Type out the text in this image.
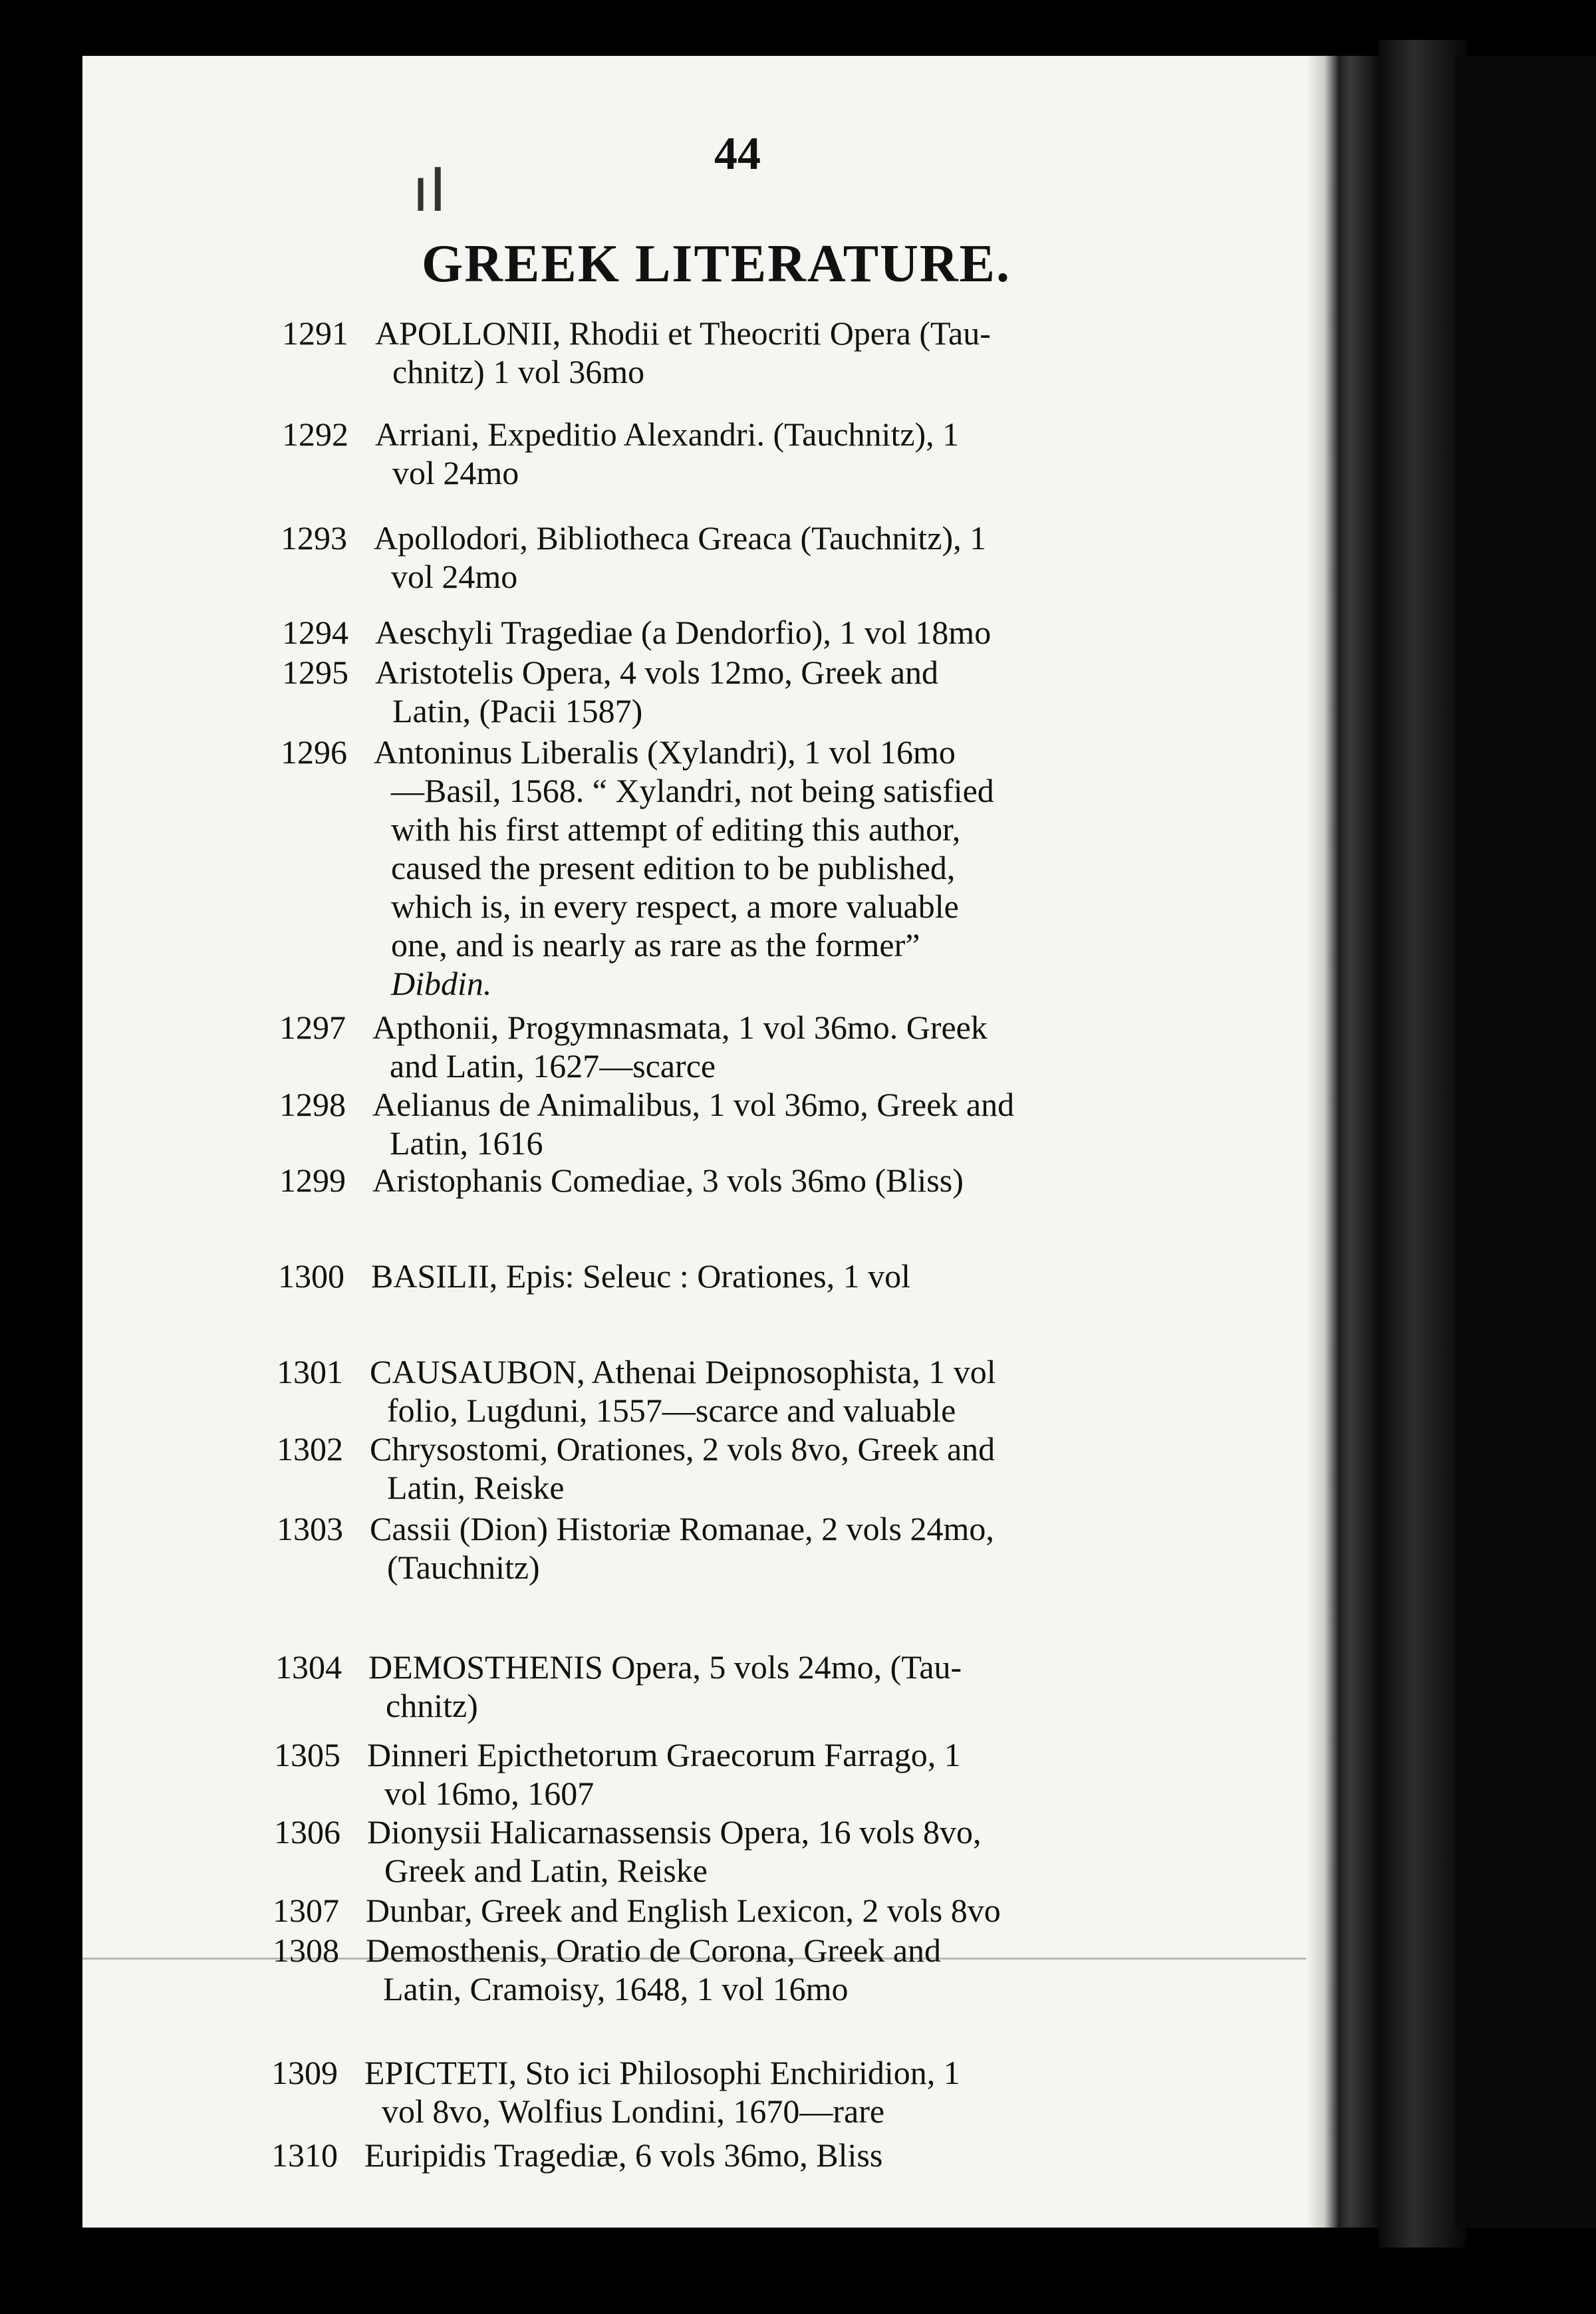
ıI
44
GREEK LITERATURE.
1291 APOLLONII, Rhodii et Theocriti Opera (Tau-
chnitz) 1 vol 36mo
1292 Arriani, Expeditio Alexandri. (Tauchnitz), 1
vol 24mo
1293 Apollodori, Bibliotheca Greaca (Tauchnitz), 1
vol 24mo
1294 Aeschyli Tragediae (a Dendorfio), 1 vol 18mo
1295 Aristotelis Opera, 4 vols 12mo, Greek and
Latin, (Pacii 1587)
1296 Antoninus Liberalis (Xylandri), 1 vol 16mo
—Basil, 1568. “ Xylandri, not being satisfied
with his first attempt of editing this author,
caused the present edition to be published,
which is, in every respect, a more valuable
one, and is nearly as rare as the former”
Dibdin.
1297 Apthonii, Progymnasmata, 1 vol 36mo. Greek
and Latin, 1627—scarce
1298 Aelianus de Animalibus, 1 vol 36mo, Greek and
Latin, 1616
1299 Aristophanis Comediae, 3 vols 36mo (Bliss)
1300 BASILII, Epis: Seleuc : Orationes, 1 vol
1301 CAUSAUBON, Athenai Deipnosophista, 1 vol
folio, Lugduni, 1557—scarce and valuable
1302 Chrysostomi, Orationes, 2 vols 8vo, Greek and
Latin, Reiske
1303 Cassii (Dion) Historiæ Romanae, 2 vols 24mo,
(Tauchnitz)
1304 DEMOSTHENIS Opera, 5 vols 24mo, (Tau-
chnitz)
1305 Dinneri Epicthetorum Graecorum Farrago, 1
vol 16mo, 1607
1306 Dionysii Halicarnassensis Opera, 16 vols 8vo,
Greek and Latin, Reiske
1307 Dunbar, Greek and English Lexicon, 2 vols 8vo
1308 Demosthenis, Oratio de Corona, Greek and
Latin, Cramoisy, 1648, 1 vol 16mo
1309 EPICTETI, Sto ici Philosophi Enchiridion, 1
vol 8vo, Wolfius Londini, 1670—rare
1310 Euripidis Tragediæ, 6 vols 36mo, Bliss
